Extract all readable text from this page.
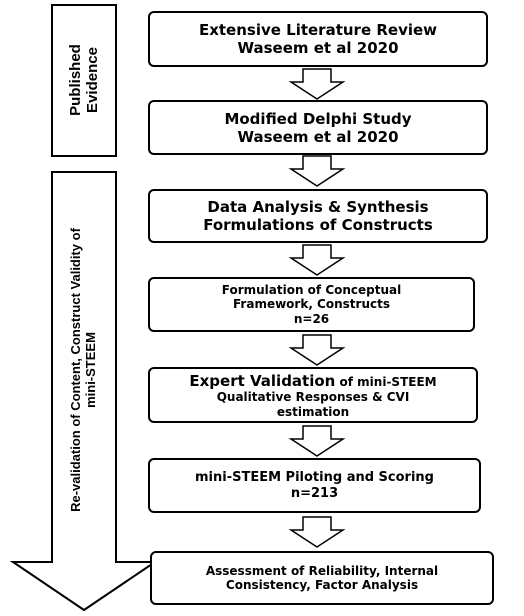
Published Evidence
Re-validation of Content, Construct Validity of mini-STEEM
Extensive Literature Review
Waseem et al 2020
Modified Delphi Study
Waseem et al 2020
Data Analysis & Synthesis
Formulations of Constructs
Formulation of Conceptual
Framework, Constructs
n=26
Expert Validation of mini-STEEM
Qualitative Responses & CVI
estimation
mini-STEEM Piloting and Scoring
n=213
Assessment of Reliability, Internal
Consistency, Factor Analysis
